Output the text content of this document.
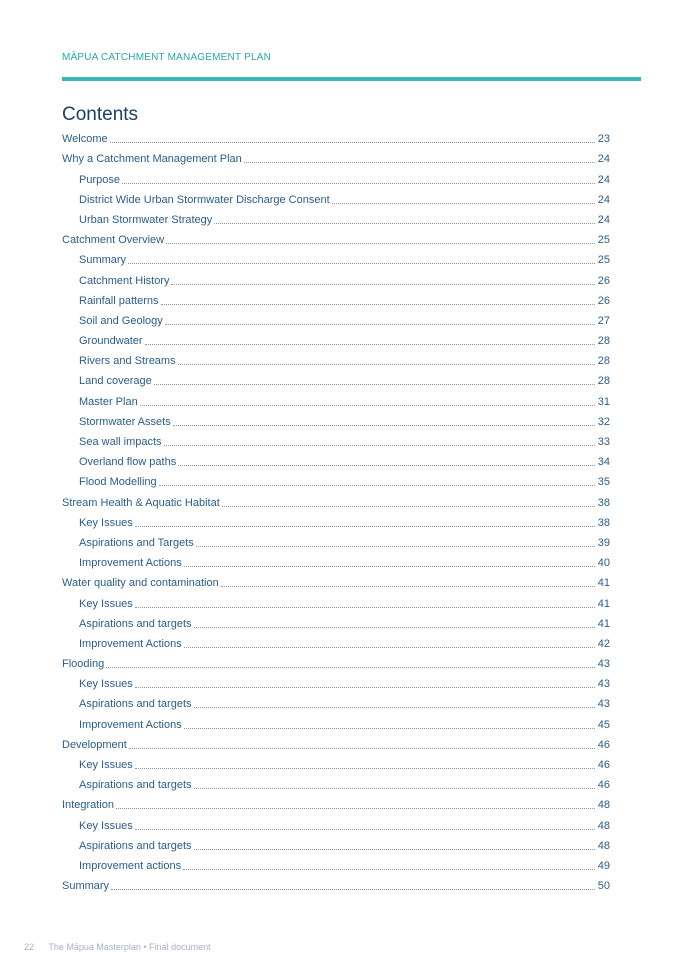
MĀPUA CATCHMENT MANAGEMENT PLAN
Contents
Welcome	23
Why a Catchment Management Plan	24
Purpose	24
District Wide Urban Stormwater Discharge Consent	24
Urban Stormwater Strategy	24
Catchment Overview	25
Summary	25
Catchment History	26
Rainfall patterns	26
Soil and Geology	27
Groundwater	28
Rivers and Streams	28
Land coverage	28
Master Plan	31
Stormwater Assets	32
Sea wall impacts	33
Overland flow paths	34
Flood Modelling	35
Stream Health & Aquatic Habitat	38
Key Issues	38
Aspirations and Targets	39
Improvement Actions	40
Water quality and contamination	41
Key Issues	41
Aspirations and targets	41
Improvement Actions	42
Flooding	43
Key Issues	43
Aspirations and targets	43
Improvement Actions	45
Development	46
Key Issues	46
Aspirations and targets	46
Integration	48
Key Issues	48
Aspirations and targets	48
Improvement actions	49
Summary	50
22 The Māpua Masterplan • Final document
